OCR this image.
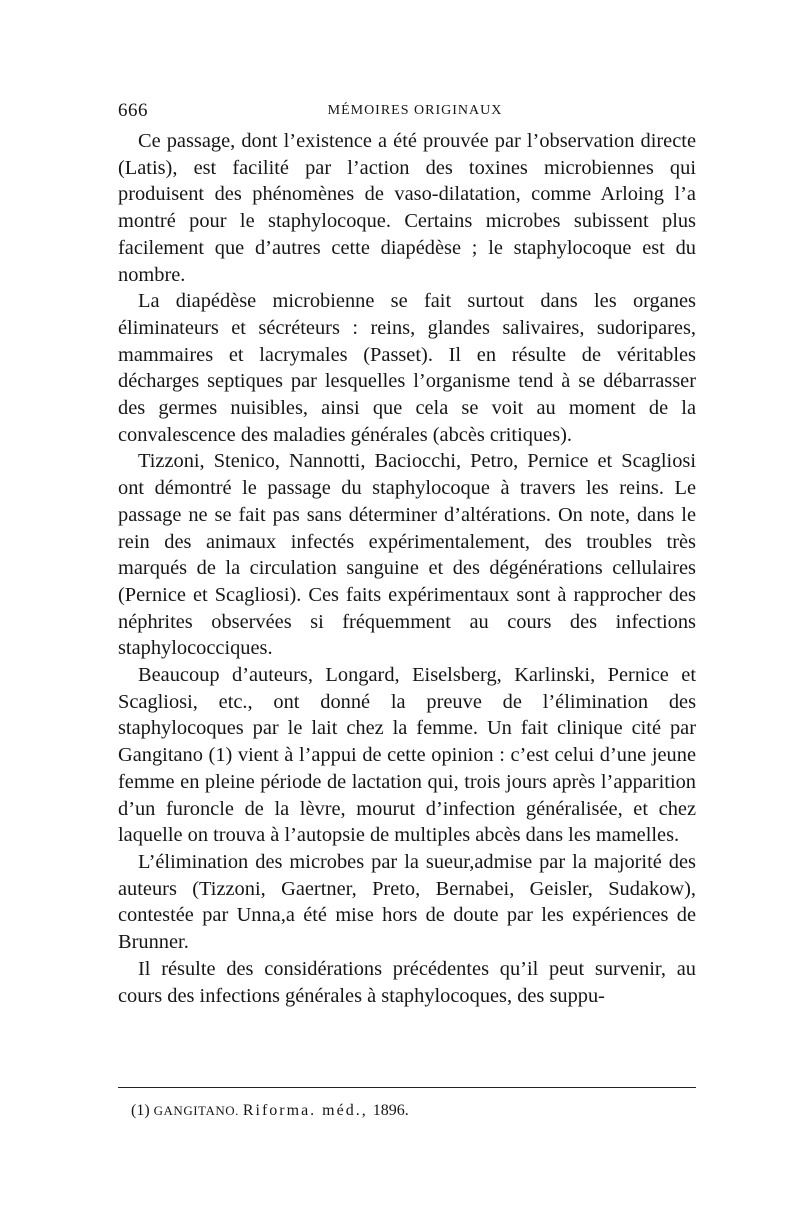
666	MÉMOIRES ORIGINAUX

Ce passage, dont l’existence a été prouvée par l’observation directe (Latis), est facilité par l’action des toxines microbiennes qui produisent des phénomènes de vaso-dilatation, comme Arloing l’a montré pour le staphylocoque. Certains microbes subissent plus facilement que d’autres cette diapédèse ; le staphylocoque est du nombre.

La diapédèse microbienne se fait surtout dans les organes éliminateurs et sécréteurs : reins, glandes salivaires, sudoripares, mammaires et lacrymales (Passet). Il en résulte de véritables décharges septiques par lesquelles l’organisme tend à se débarrasser des germes nuisibles, ainsi que cela se voit au moment de la convalescence des maladies générales (abcès critiques).

Tizzoni, Stenico, Nannotti, Baciocchi, Petro, Pernice et Scagliosi ont démontré le passage du staphylocoque à travers les reins. Le passage ne se fait pas sans déterminer d’altérations. On note, dans le rein des animaux infectés expérimentalement, des troubles très marqués de la circulation sanguine et des dégénérations cellulaires (Pernice et Scagliosi). Ces faits expérimentaux sont à rapprocher des néphrites observées si fréquemment au cours des infections staphylococciques.

Beaucoup d’auteurs, Longard, Eiselsberg, Karlinski, Pernice et Scagliosi, etc., ont donné la preuve de l’élimination des staphylocoques par le lait chez la femme. Un fait clinique cité par Gangitano (1) vient à l’appui de cette opinion : c’est celui d’une jeune femme en pleine période de lactation qui, trois jours après l’apparition d’un furoncle de la lèvre, mourut d’infection généralisée, et chez laquelle on trouva à l’autopsie de multiples abcès dans les mamelles.

L’élimination des microbes par la sueur,admise par la majorité des auteurs (Tizzoni, Gaertner, Preto, Bernabei, Geisler, Sudakow), contestée par Unna,a été mise hors de doute par les expériences de Brunner.

Il résulte des considérations précédentes qu’il peut survenir, au cours des infections générales à staphylocoques, des suppu-

(1) GANGITANO. Riforma. méd., 1896.
